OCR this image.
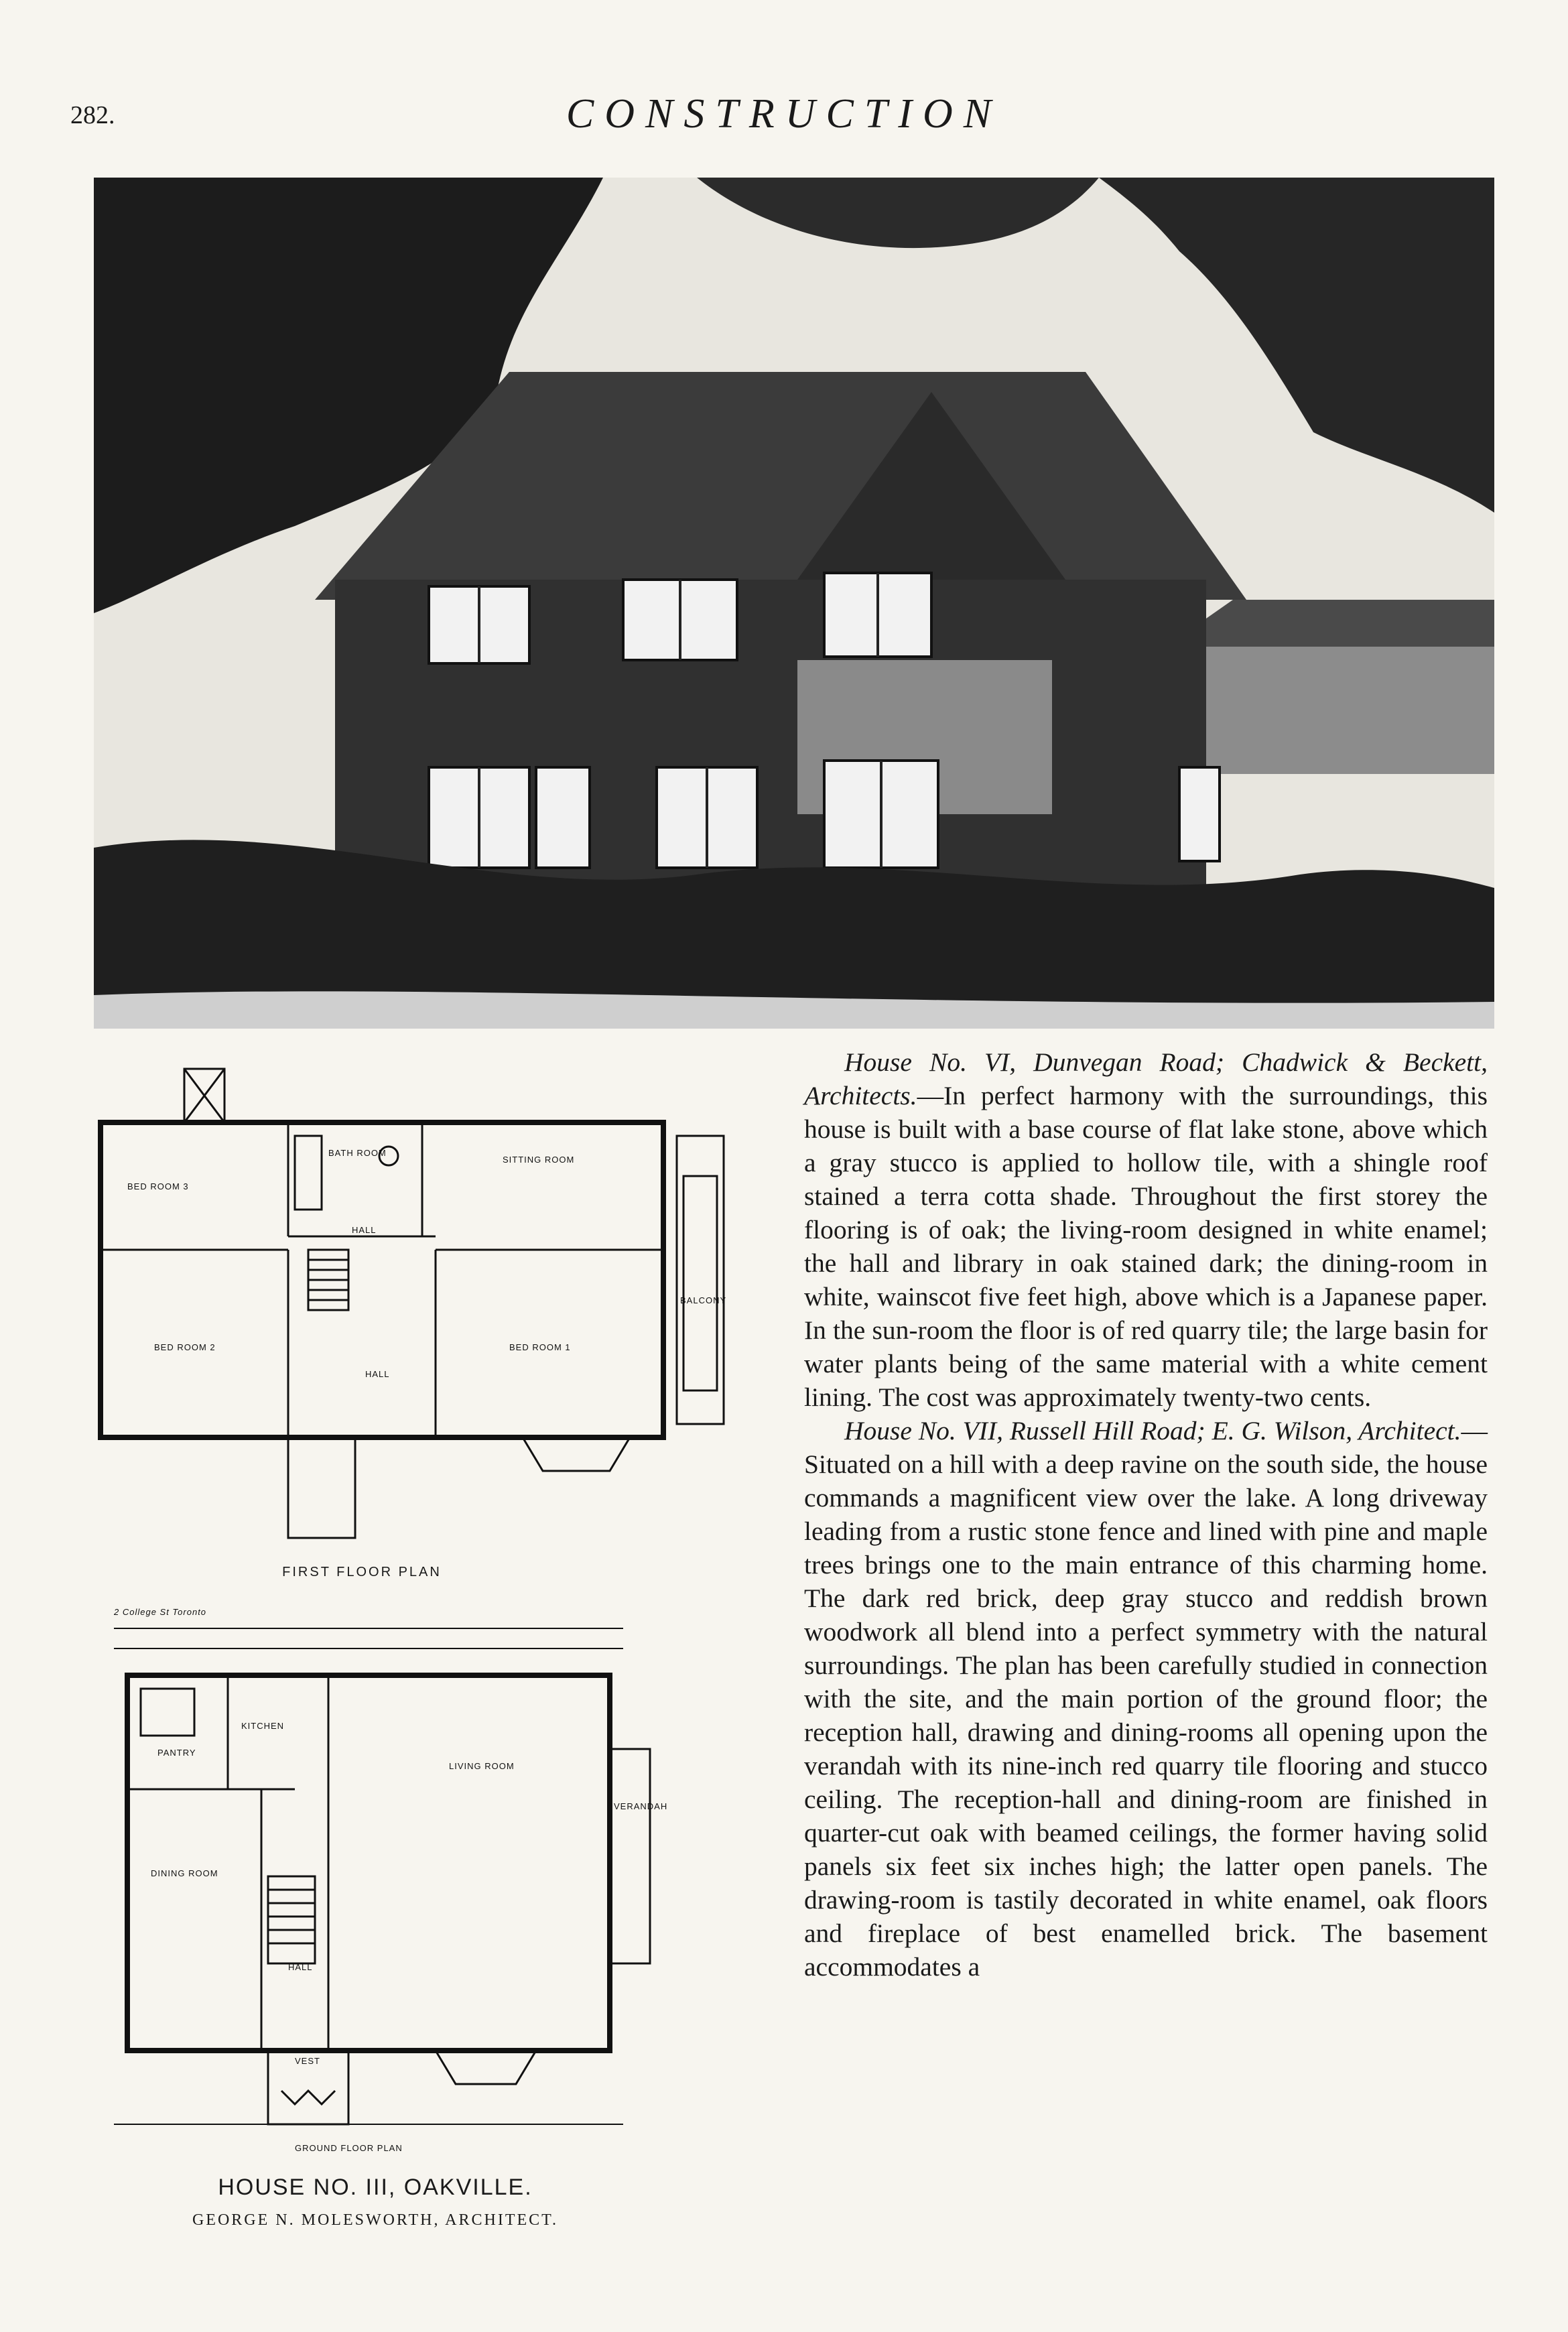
282.	CONSTRUCTION
BED ROOM 3
BATH ROOM
SITTING ROOM
HALL
HALL
BED ROOM 2	BED ROOM 1
BALCONY
FIRST FLOOR PLAN
2 College St Toronto
KITCHEN
PANTRY
DINING ROOM
HALL
LIVING ROOM
VERANDAH
VEST
GROUND FLOOR PLAN
HOUSE NO. III, OAKVILLE.
GEORGE N. MOLESWORTH, ARCHITECT.

House No. VI, Dunvegan Road; Chadwick & Beckett, Architects.—In perfect harmony with the surroundings, this house is built with a base course of flat lake stone, above which a gray stucco is applied to hollow tile, with a shingle roof stained a terra cotta shade. Throughout the first storey the flooring is of oak; the living-room designed in white enamel; the hall and library in oak stained dark; the dining-room in white, wainscot five feet high, above which is a Japanese paper. In the sun-room the floor is of red quarry tile; the large basin for water plants being of the same material with a white cement lining. The cost was approximately twenty-two cents.

House No. VII, Russell Hill Road; E. G. Wilson, Architect.—Situated on a hill with a deep ravine on the south side, the house commands a magnificent view over the lake. A long driveway leading from a rustic stone fence and lined with pine and maple trees brings one to the main entrance of this charming home. The dark red brick, deep gray stucco and reddish brown woodwork all blend into a perfect symmetry with the natural surroundings. The plan has been carefully studied in connection with the site, and the main portion of the ground floor; the reception hall, drawing and dining-rooms all opening upon the verandah with its nine-inch red quarry tile flooring and stucco ceiling. The reception-hall and dining-room are finished in quarter-cut oak with beamed ceilings, the former having solid panels six feet six inches high; the latter open panels. The drawing-room is tastily decorated in white enamel, oak floors and fireplace of best enamelled brick. The basement accommodates a
